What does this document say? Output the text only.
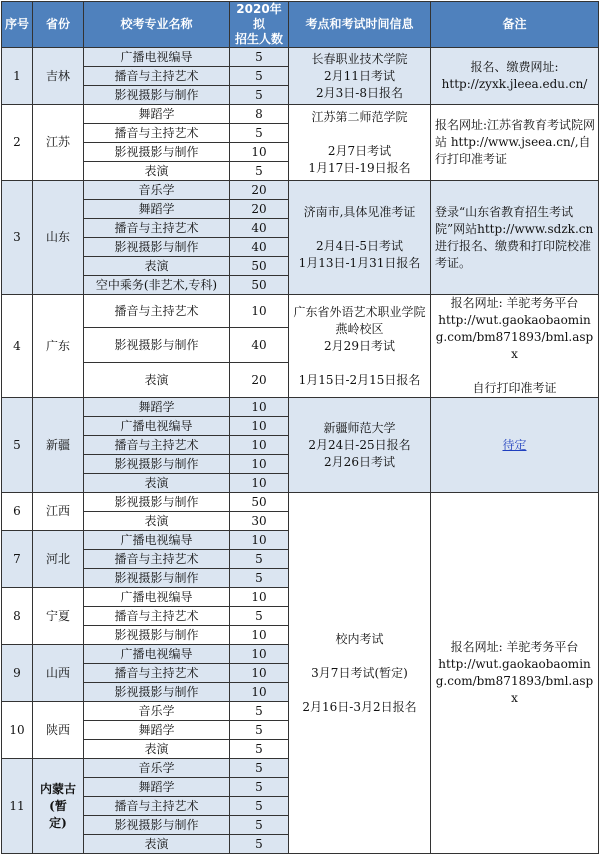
序号	省份	校考专业名称	2020年拟
招生人数	考点和考试时间信息	备注
1	吉林	广播电视编导	5	长春职业技术学院
2月11日考试
2月3日-8日报名	报名、缴费网址:
http://zyxk.jleea.edu.cn/
		播音与主持艺术	5		
		影视摄影与制作	5		
2	江苏	舞蹈学	8	江苏第二师范学院

2月7日考试
1月17日-19日报名	报名网址:江苏省教育考试院网站 http://www.jseea.cn/,自行打印准考证
		播音与主持艺术	5		
		影视摄影与制作	10		
		表演	5		
3	山东	音乐学	20	济南市,具体见准考证

2月4日-5日考试
1月13日-1月31日报名	登录“山东省教育招生考试院”网站http://www.sdzk.cn进行报名、缴费和打印院校准考证。
		舞蹈学	20		
		播音与主持艺术	40		
		影视摄影与制作	40		
		表演	50		
		空中乘务(非艺术,专科)	50		
4	广东	播音与主持艺术	10	广东省外语艺术职业学院燕岭校区
2月29日考试

1月15日-2月15日报名	报名网址: 羊驼考务平台
http://wut.gaokaobaoming.com/bm871893/bml.aspx

自行打印准考证
		影视摄影与制作	40		
		表演	20		
5	新疆	舞蹈学	10	新疆师范大学
2月24日-25日报名
2月26日考试	待定
		广播电视编导	10		
		播音与主持艺术	10		
		影视摄影与制作	10		
		表演	10		
6	江西	影视摄影与制作	50	校内考试

3月7日考试(暂定)

2月16日-3月2日报名	报名网址: 羊驼考务平台
http://wut.gaokaobaoming.com/bm871893/bml.aspx
		表演	30		
7	河北	广播电视编导	10		
		播音与主持艺术	5		
		影视摄影与制作	5		
8	宁夏	广播电视编导	10		
		播音与主持艺术	5		
		影视摄影与制作	10		
9	山西	广播电视编导	10		
		播音与主持艺术	10		
		影视摄影与制作	10		
10	陕西	音乐学	5		
		舞蹈学	5		
		表演	5		
11	内蒙古
(暂
定)	音乐学	5		
		舞蹈学	5		
		播音与主持艺术	5		
		影视摄影与制作	5		
		表演	5		
